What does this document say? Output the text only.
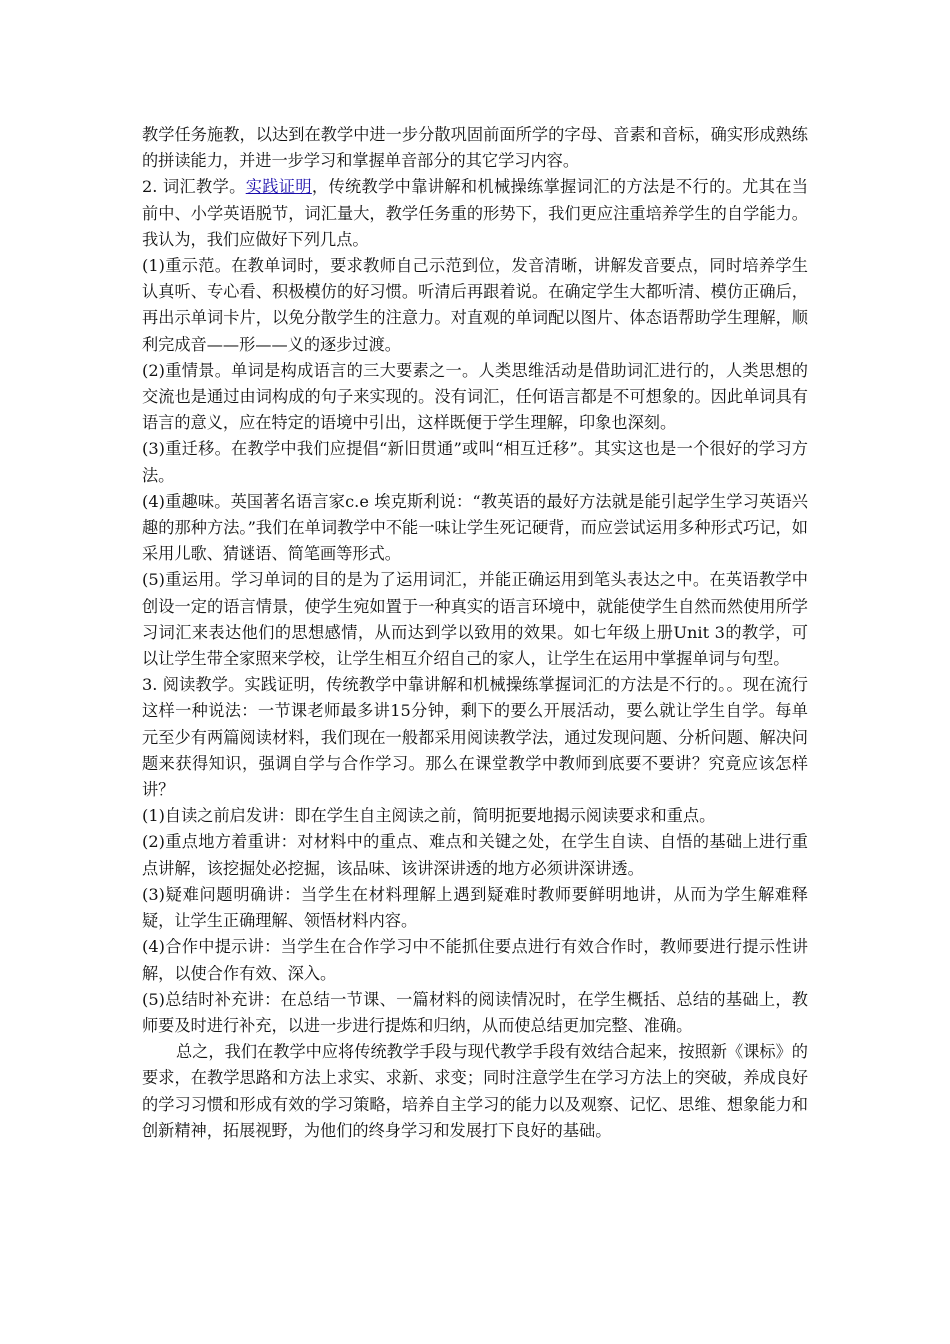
教学任务施教，以达到在教学中进一步分散巩固前面所学的字母、音素和音标，确实形成熟练的拼读能力，并进一步学习和掌握单音部分的其它学习内容。

2. 词汇教学。实践证明，传统教学中靠讲解和机械操练掌握词汇的方法是不行的。尤其在当前中、小学英语脱节，词汇量大，教学任务重的形势下，我们更应注重培养学生的自学能力。我认为，我们应做好下列几点。

(1)重示范。在教单词时，要求教师自己示范到位，发音清晰，讲解发音要点，同时培养学生认真听、专心看、积极模仿的好习惯。听清后再跟着说。在确定学生大都听清、模仿正确后，再出示单词卡片，以免分散学生的注意力。对直观的单词配以图片、体态语帮助学生理解，顺利完成音——形——义的逐步过渡。

(2)重情景。单词是构成语言的三大要素之一。人类思维活动是借助词汇进行的，人类思想的交流也是通过由词构成的句子来实现的。没有词汇，任何语言都是不可想象的。因此单词具有语言的意义，应在特定的语境中引出，这样既便于学生理解，印象也深刻。

(3)重迁移。在教学中我们应提倡“新旧贯通”或叫“相互迁移”。其实这也是一个很好的学习方法。

(4)重趣味。英国著名语言家c.e 埃克斯利说：“教英语的最好方法就是能引起学生学习英语兴趣的那种方法。”我们在单词教学中不能一味让学生死记硬背，而应尝试运用多种形式巧记，如采用儿歌、猜谜语、简笔画等形式。

(5)重运用。学习单词的目的是为了运用词汇，并能正确运用到笔头表达之中。在英语教学中创设一定的语言情景，使学生宛如置于一种真实的语言环境中，就能使学生自然而然使用所学习词汇来表达他们的思想感情，从而达到学以致用的效果。如七年级上册Unit 3的教学，可以让学生带全家照来学校，让学生相互介绍自己的家人，让学生在运用中掌握单词与句型。

3. 阅读教学。实践证明，传统教学中靠讲解和机械操练掌握词汇的方法是不行的。。现在流行这样一种说法：一节课老师最多讲15分钟，剩下的要么开展活动，要么就让学生自学。每单元至少有两篇阅读材料，我们现在一般都采用阅读教学法，通过发现问题、分析问题、解决问题来获得知识，强调自学与合作学习。那么在课堂教学中教师到底要不要讲？究竟应该怎样讲？

(1)自读之前启发讲：即在学生自主阅读之前，简明扼要地揭示阅读要求和重点。

(2)重点地方着重讲：对材料中的重点、难点和关键之处，在学生自读、自悟的基础上进行重点讲解，该挖掘处必挖掘，该品味、该讲深讲透的地方必须讲深讲透。

(3)疑难问题明确讲：当学生在材料理解上遇到疑难时教师要鲜明地讲，从而为学生解难释疑，让学生正确理解、领悟材料内容。

(4)合作中提示讲：当学生在合作学习中不能抓住要点进行有效合作时，教师要进行提示性讲解，以使合作有效、深入。

(5)总结时补充讲：在总结一节课、一篇材料的阅读情况时，在学生概括、总结的基础上，教师要及时进行补充，以进一步进行提炼和归纳，从而使总结更加完整、准确。

总之，我们在教学中应将传统教学手段与现代教学手段有效结合起来，按照新《课标》的要求，在教学思路和方法上求实、求新、求变；同时注意学生在学习方法上的突破，养成良好的学习习惯和形成有效的学习策略，培养自主学习的能力以及观察、记忆、思维、想象能力和创新精神，拓展视野，为他们的终身学习和发展打下良好的基础。
